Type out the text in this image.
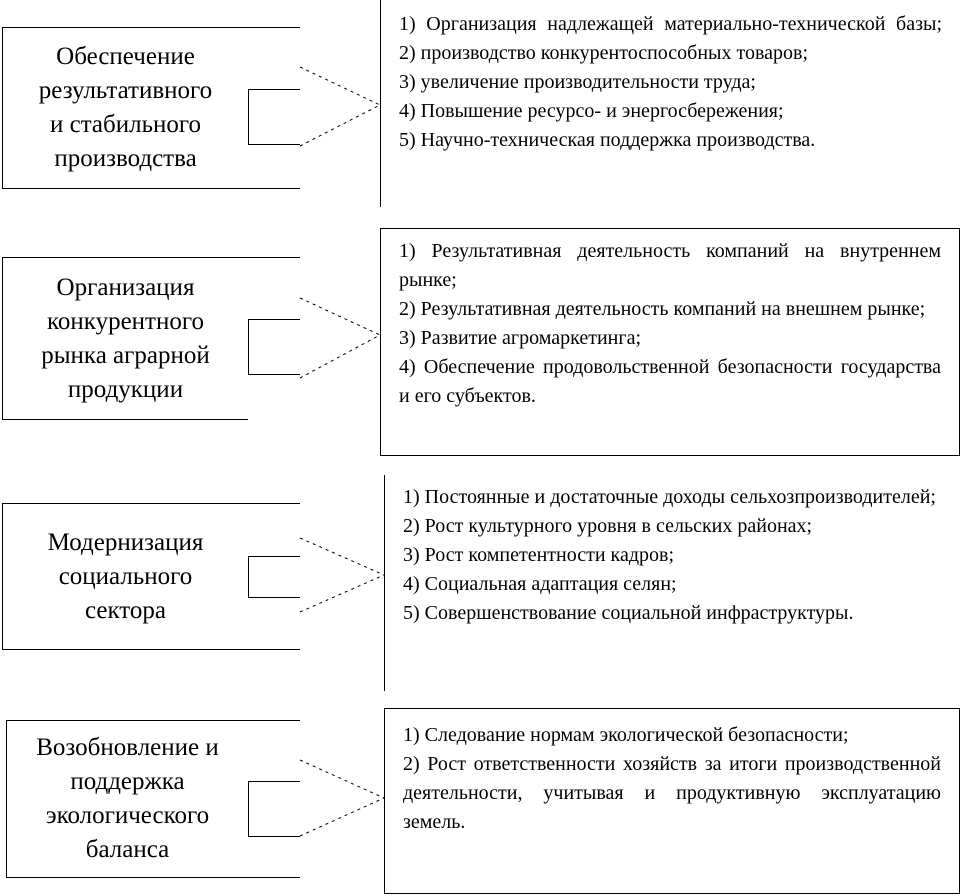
Обеспечение
результативного
и стабильного
производства
1) Организация надлежащей материально-технической базы;
2) производство конкурентоспособных товаров;
3) увеличение производительности труда;
4) Повышение ресурсо- и энергосбережения;
5) Научно-техническая поддержка производства.
Организация
конкурентного
рынка аграрной
продукции
1) Результативная деятельность компаний на внутреннем рынке;
2) Результативная деятельность компаний на внешнем рынке;
3) Развитие агромаркетинга;
4) Обеспечение продовольственной безопасности государства и его субъектов.
Модернизация
социального
сектора
1) Постоянные и достаточные доходы сельхозпроизводителей;
2) Рост культурного уровня в сельских районах;
3) Рост компетентности кадров;
4) Социальная адаптация селян;
5) Совершенствование социальной инфраструктуры.
Возобновление и
поддержка
экологического
баланса
1) Следование нормам экологической безопасности;
2) Рост ответственности хозяйств за итоги производственной деятельности, учитывая и продуктивную эксплуатацию земель.
